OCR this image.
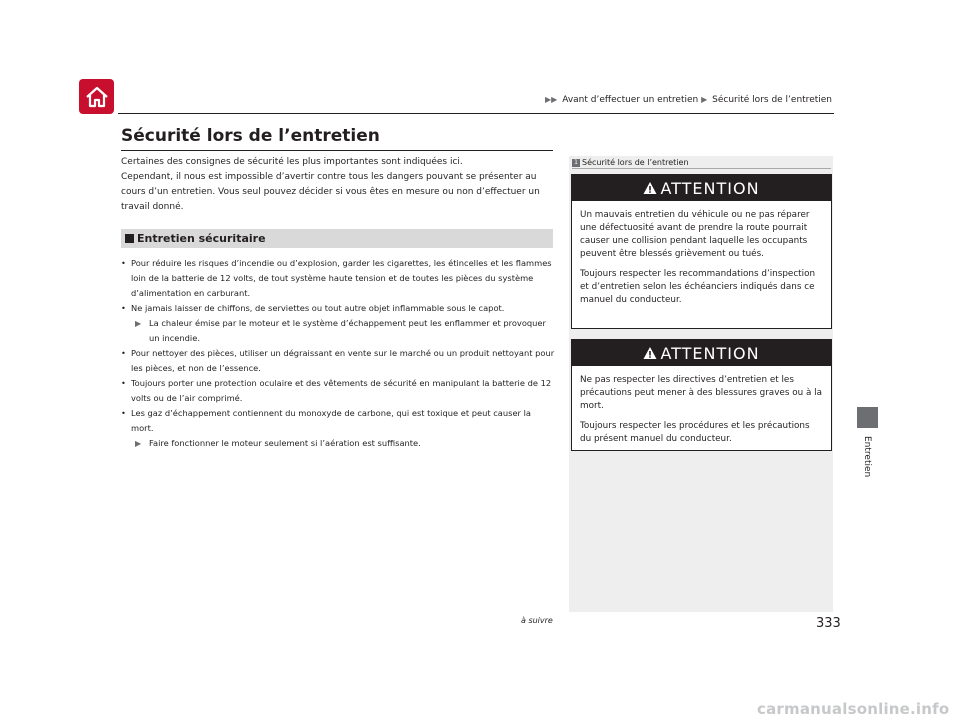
▶▶ Avant d’effectuer un entretien ▶ Sécurité lors de l’entretien
Sécurité lors de l’entretien

Certaines des consignes de sécurité les plus importantes sont indiquées ici.

Cependant, il nous est impossible d’avertir contre tous les dangers pouvant se présenter au cours d’un entretien. Vous seul pouvez décider si vous êtes en mesure ou non d’effectuer un travail donné.

Entretien sécuritaire
• Pour réduire les risques d’incendie ou d’explosion, garder les cigarettes, les étincelles et les flammes loin de la batterie de 12 volts, de tout système haute tension et de toutes les pièces du système d’alimentation en carburant.
• Ne jamais laisser de chiffons, de serviettes ou tout autre objet inflammable sous le capot.
▶ La chaleur émise par le moteur et le système d’échappement peut les enflammer et provoquer un incendie.
• Pour nettoyer des pièces, utiliser un dégraissant en vente sur le marché ou un produit nettoyant pour les pièces, et non de l’essence.
• Toujours porter une protection oculaire et des vêtements de sécurité en manipulant la batterie de 12 volts ou de l’air comprimé.
• Les gaz d’échappement contiennent du monoxyde de carbone, qui est toxique et peut causer la mort.
▶ Faire fonctionner le moteur seulement si l’aération est suffisante.
1 Sécurité lors de l’entretien
ATTENTION

Un mauvais entretien du véhicule ou ne pas réparer une défectuosité avant de prendre la route pourrait causer une collision pendant laquelle les occupants peuvent être blessés grièvement ou tués.

Toujours respecter les recommandations d’inspection et d’entretien selon les échéanciers indiqués dans ce manuel du conducteur.

ATTENTION

Ne pas respecter les directives d’entretien et les précautions peut mener à des blessures graves ou à la mort.

Toujours respecter les procédures et les précautions du présent manuel du conducteur.	Entretien
à suivre	333
carmanualsonline.info
